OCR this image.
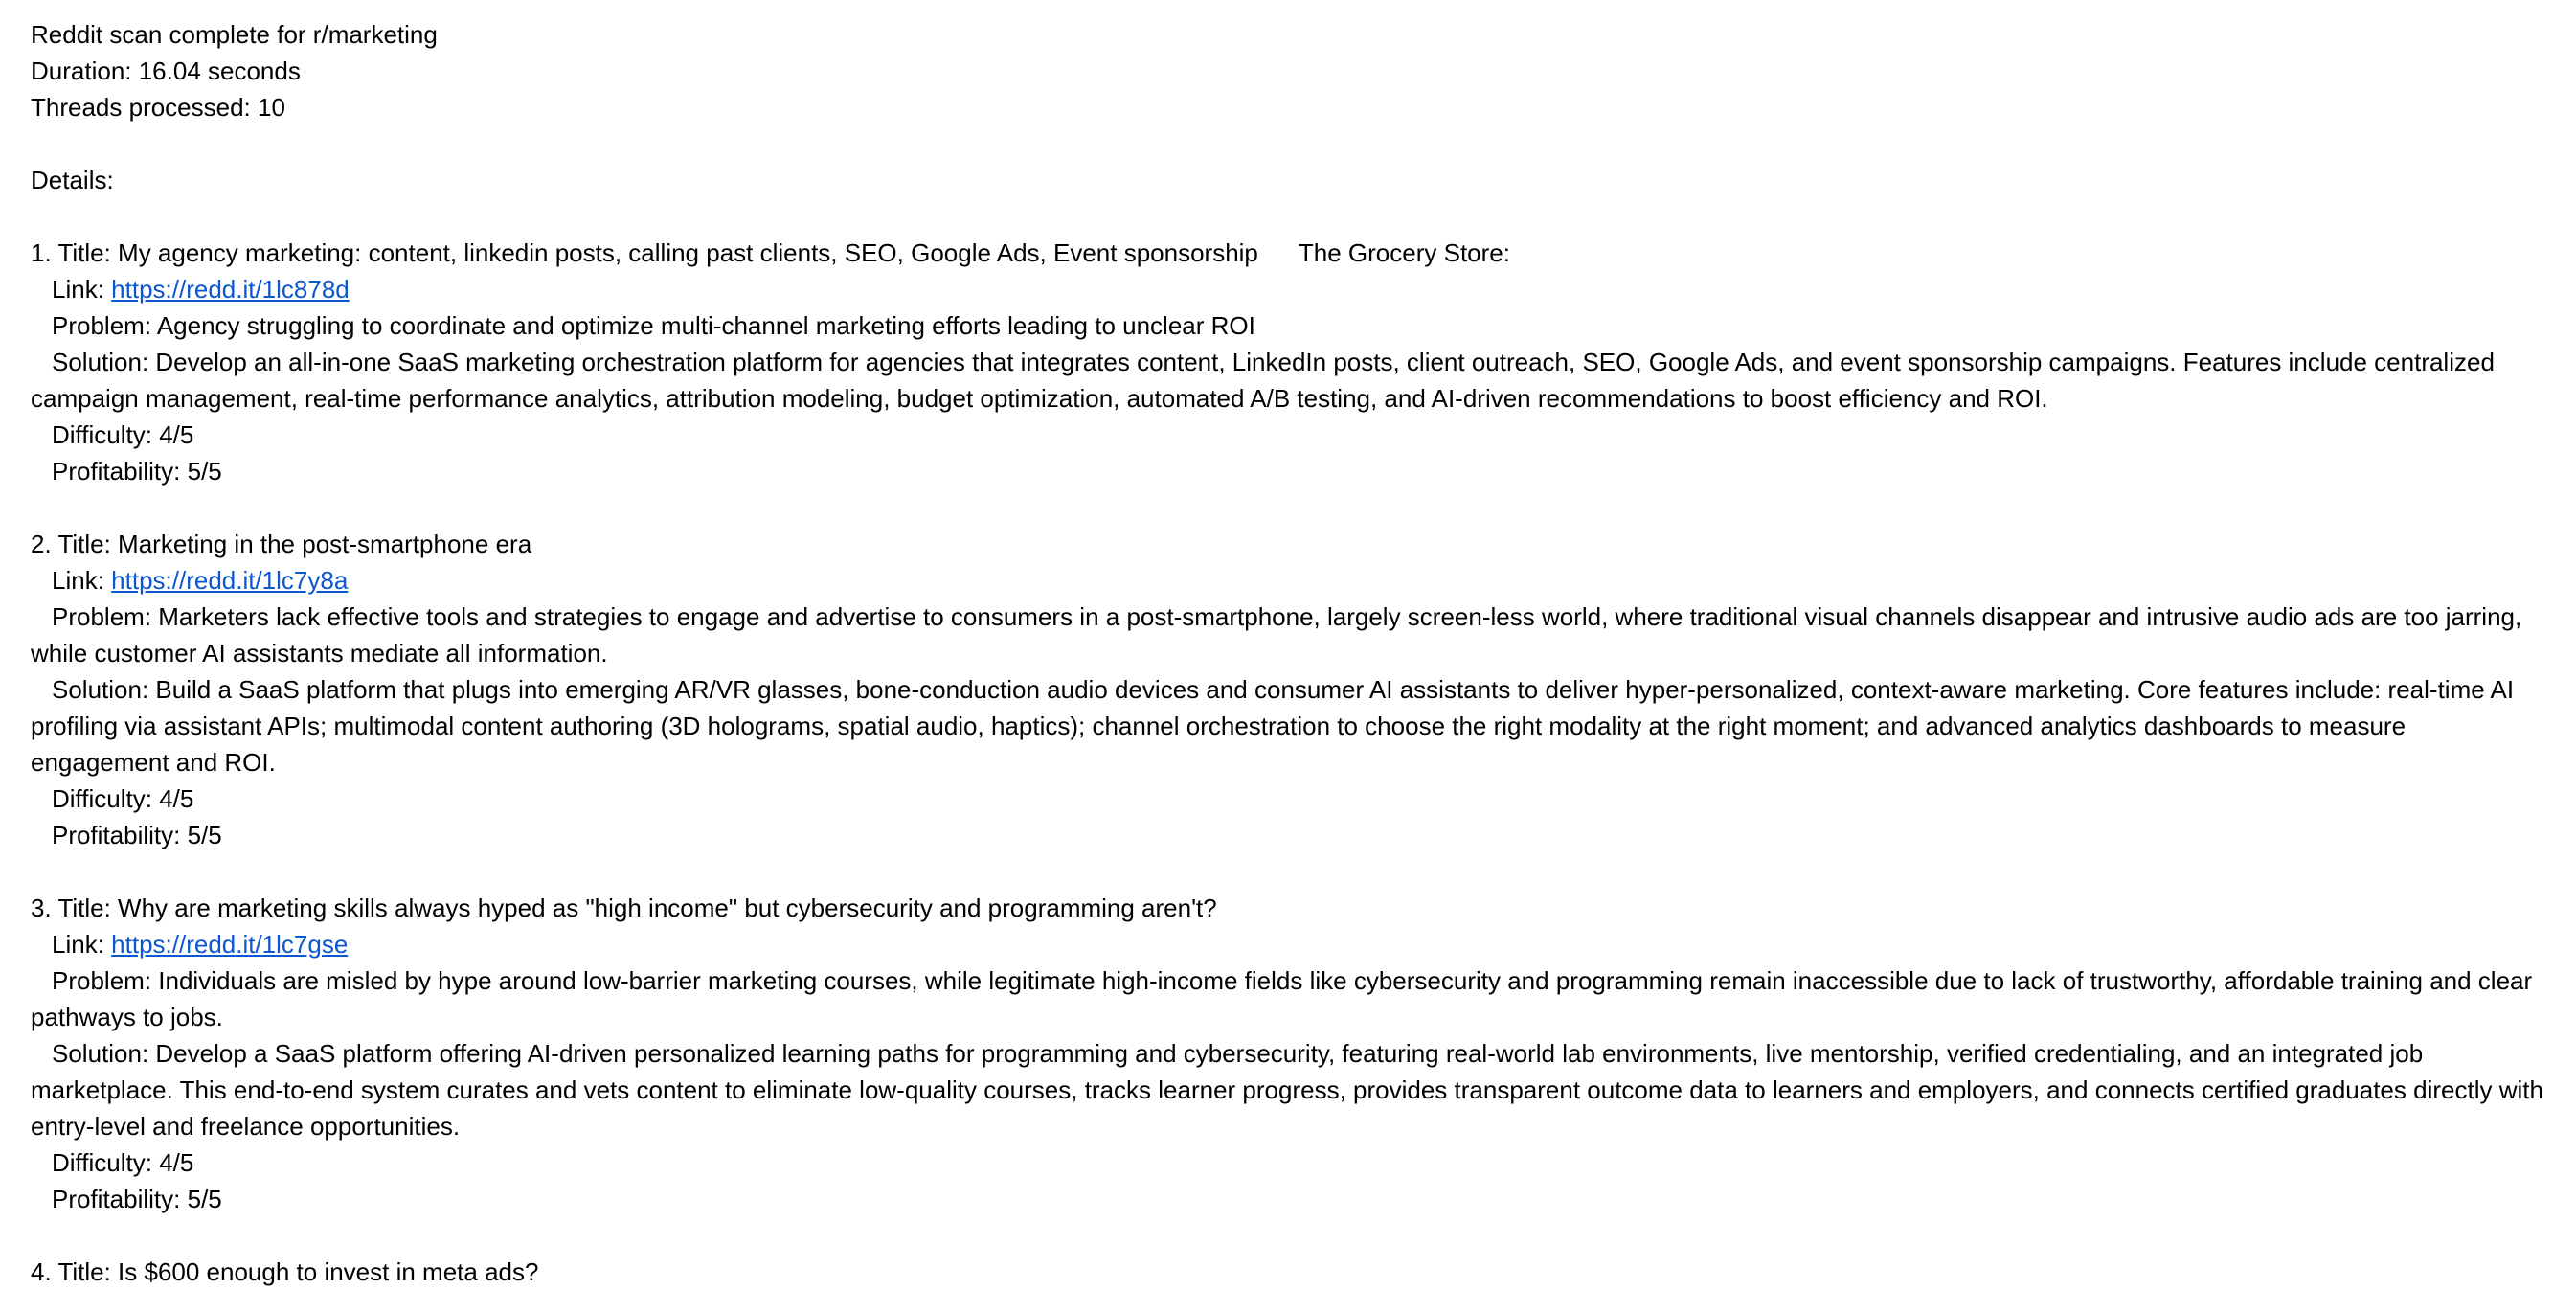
Reddit scan complete for r/marketing
Duration: 16.04 seconds
Threads processed: 10
Details:
1. Title: My agency marketing: content, linkedin posts, calling past clients, SEO, Google Ads, Event sponsorship The Grocery Store:
Link: https://redd.it/1lc878d
Problem: Agency struggling to coordinate and optimize multi-channel marketing efforts leading to unclear ROI
Solution: Develop an all-in-one SaaS marketing orchestration platform for agencies that integrates content, LinkedIn posts, client outreach, SEO, Google Ads, and event sponsorship campaigns. Features include centralized campaign management, real-time performance analytics, attribution modeling, budget optimization, automated A/B testing, and AI-driven recommendations to boost efficiency and ROI.
Difficulty: 4/5
Profitability: 5/5
2. Title: Marketing in the post-smartphone era
Link: https://redd.it/1lc7y8a
Problem: Marketers lack effective tools and strategies to engage and advertise to consumers in a post-smartphone, largely screen-less world, where traditional visual channels disappear and intrusive audio ads are too jarring, while customer AI assistants mediate all information.
Solution: Build a SaaS platform that plugs into emerging AR/VR glasses, bone-conduction audio devices and consumer AI assistants to deliver hyper-personalized, context-aware marketing. Core features include: real-time AI profiling via assistant APIs; multimodal content authoring (3D holograms, spatial audio, haptics); channel orchestration to choose the right modality at the right moment; and advanced analytics dashboards to measure engagement and ROI.
Difficulty: 4/5
Profitability: 5/5
3. Title: Why are marketing skills always hyped as "high income" but cybersecurity and programming aren't?
Link: https://redd.it/1lc7gse
Problem: Individuals are misled by hype around low-barrier marketing courses, while legitimate high-income fields like cybersecurity and programming remain inaccessible due to lack of trustworthy, affordable training and clear pathways to jobs.
Solution: Develop a SaaS platform offering AI-driven personalized learning paths for programming and cybersecurity, featuring real-world lab environments, live mentorship, verified credentialing, and an integrated job marketplace. This end-to-end system curates and vets content to eliminate low-quality courses, tracks learner progress, provides transparent outcome data to learners and employers, and connects certified graduates directly with entry-level and freelance opportunities.
Difficulty: 4/5
Profitability: 5/5
4. Title: Is $600 enough to invest in meta ads?
